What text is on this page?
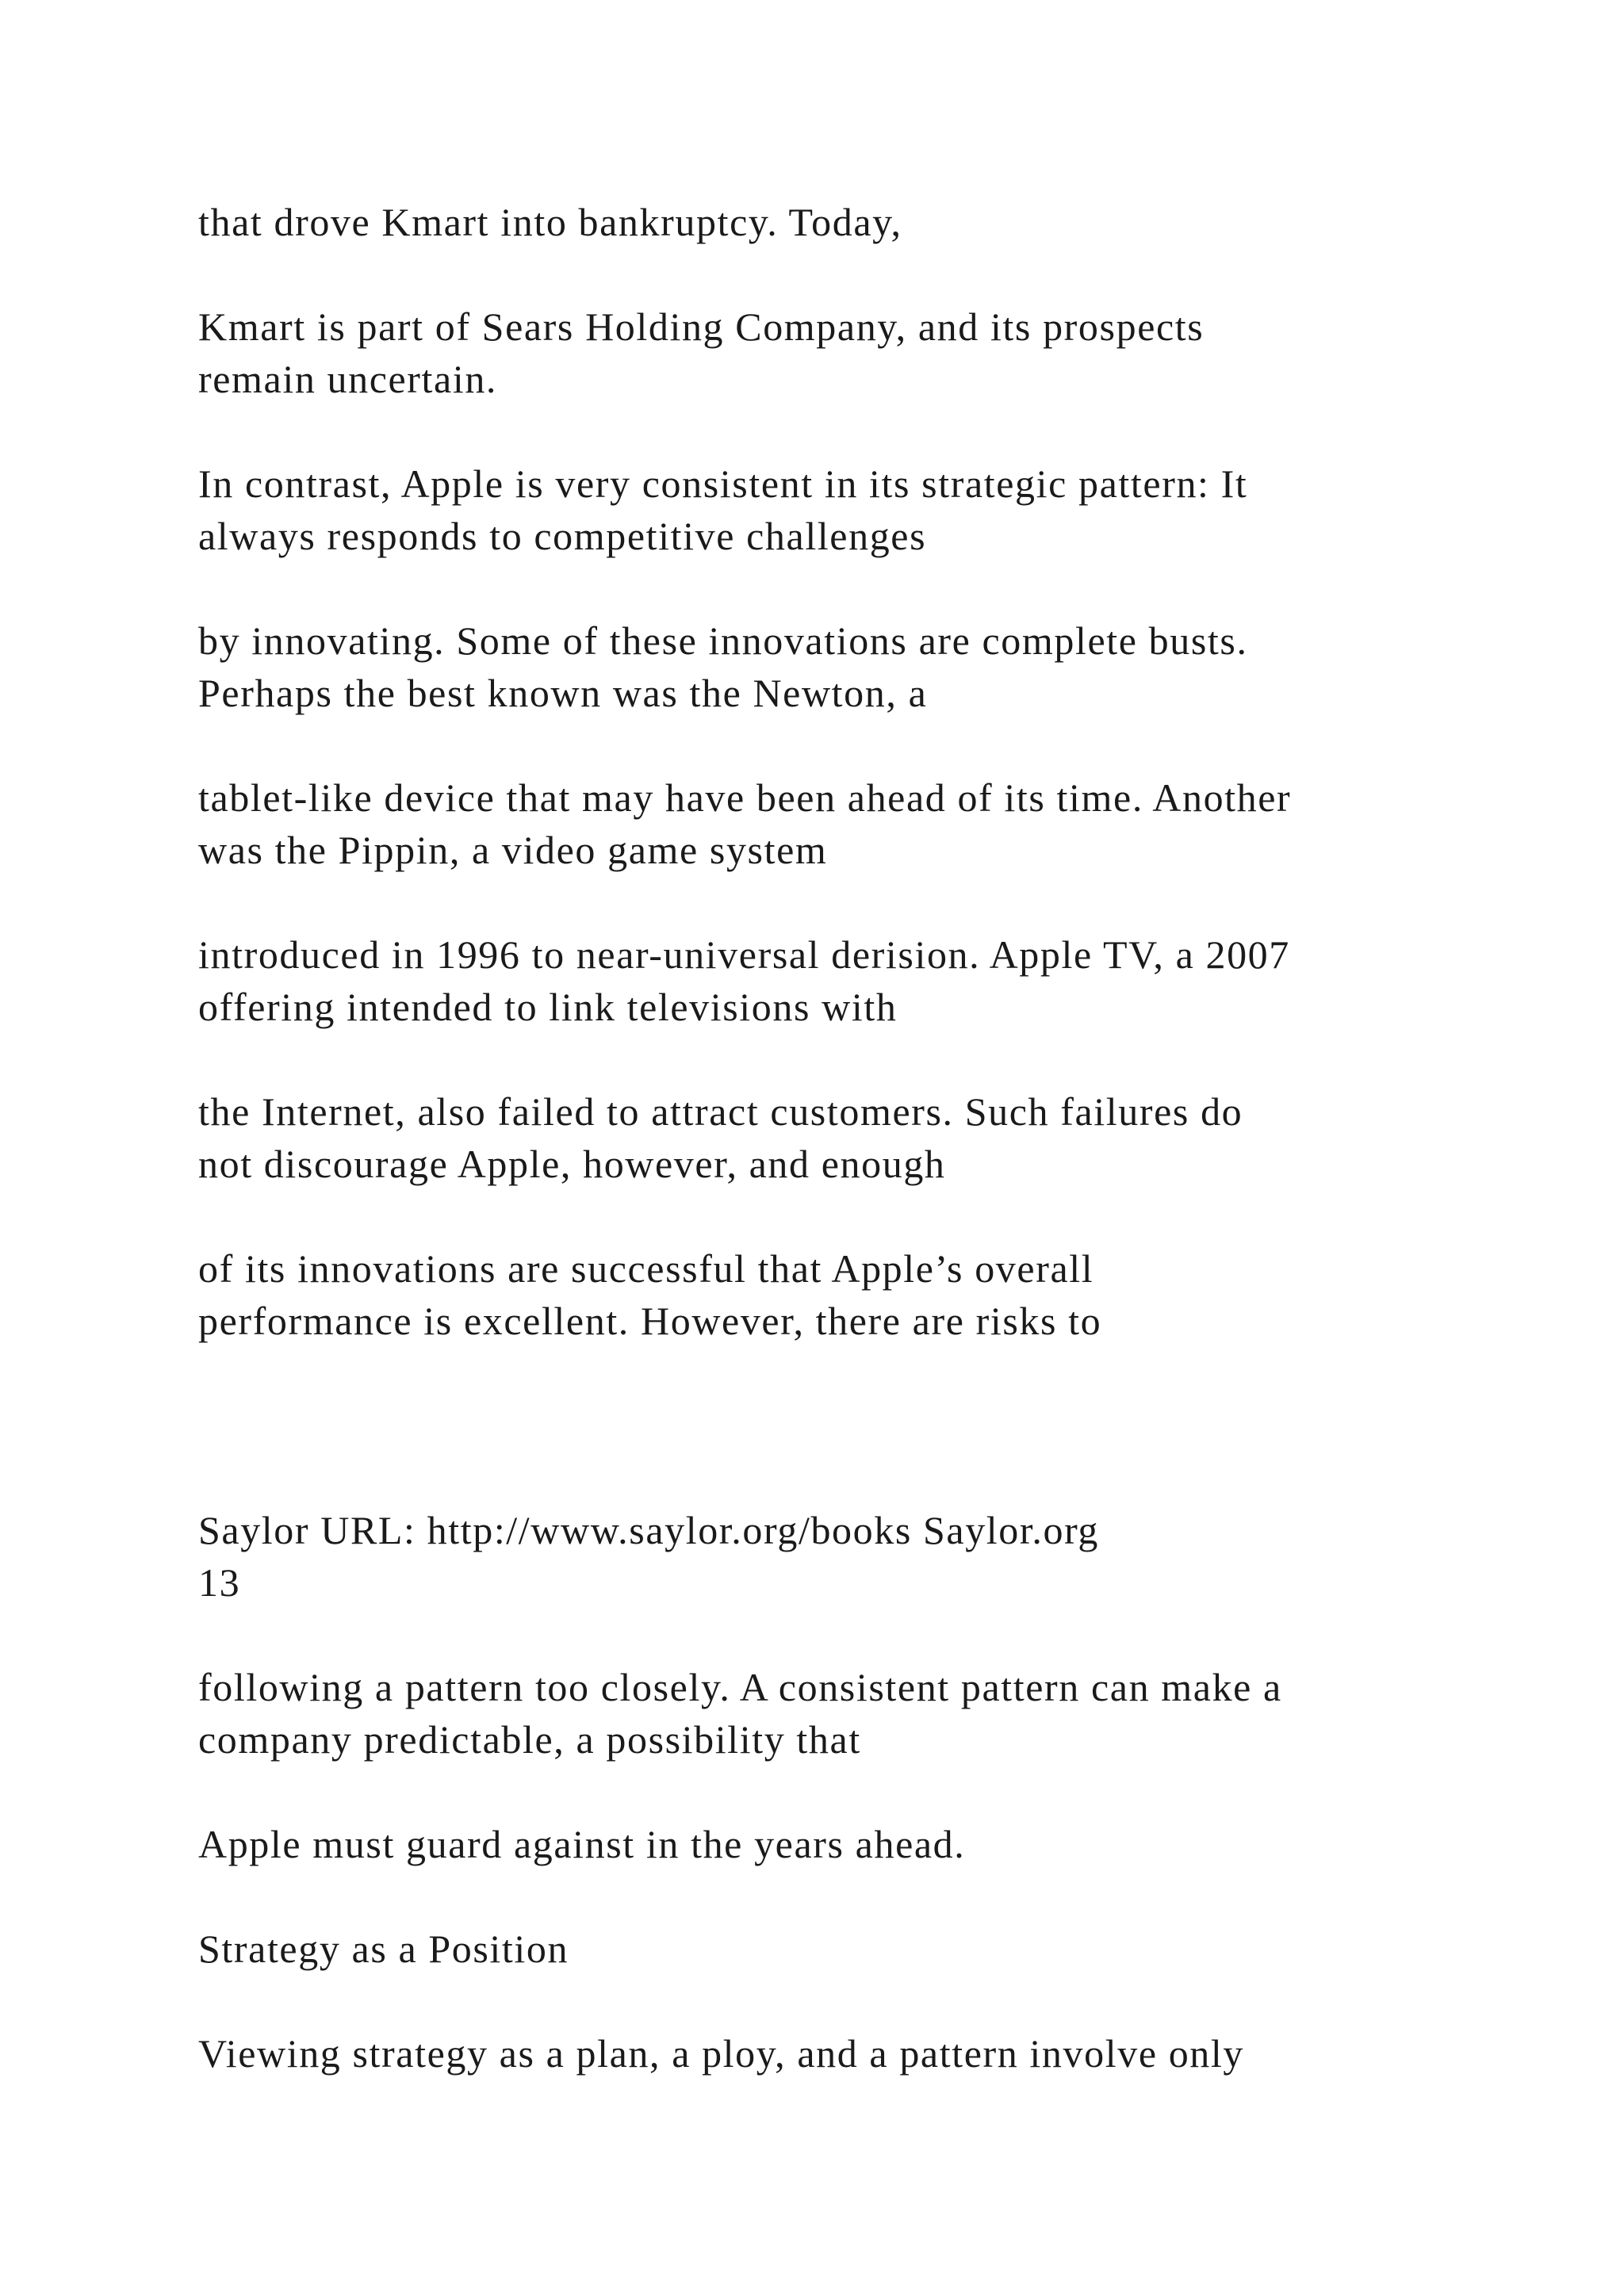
that drove Kmart into bankruptcy. Today,

Kmart is part of Sears Holding Company, and its prospects

remain uncertain.

In contrast, Apple is very consistent in its strategic pattern: It

always responds to competitive challenges

by innovating. Some of these innovations are complete busts.

Perhaps the best known was the Newton, a

tablet-like device that may have been ahead of its time. Another

was the Pippin, a video game system

introduced in 1996 to near-universal derision. Apple TV, a 2007

offering intended to link televisions with

the Internet, also failed to attract customers. Such failures do

not discourage Apple, however, and enough

of its innovations are successful that Apple’s overall

performance is excellent. However, there are risks to

Saylor URL: http://www.saylor.org/books Saylor.org

13

following a pattern too closely. A consistent pattern can make a

company predictable, a possibility that

Apple must guard against in the years ahead.

Strategy as a Position

Viewing strategy as a plan, a ploy, and a pattern involve only
